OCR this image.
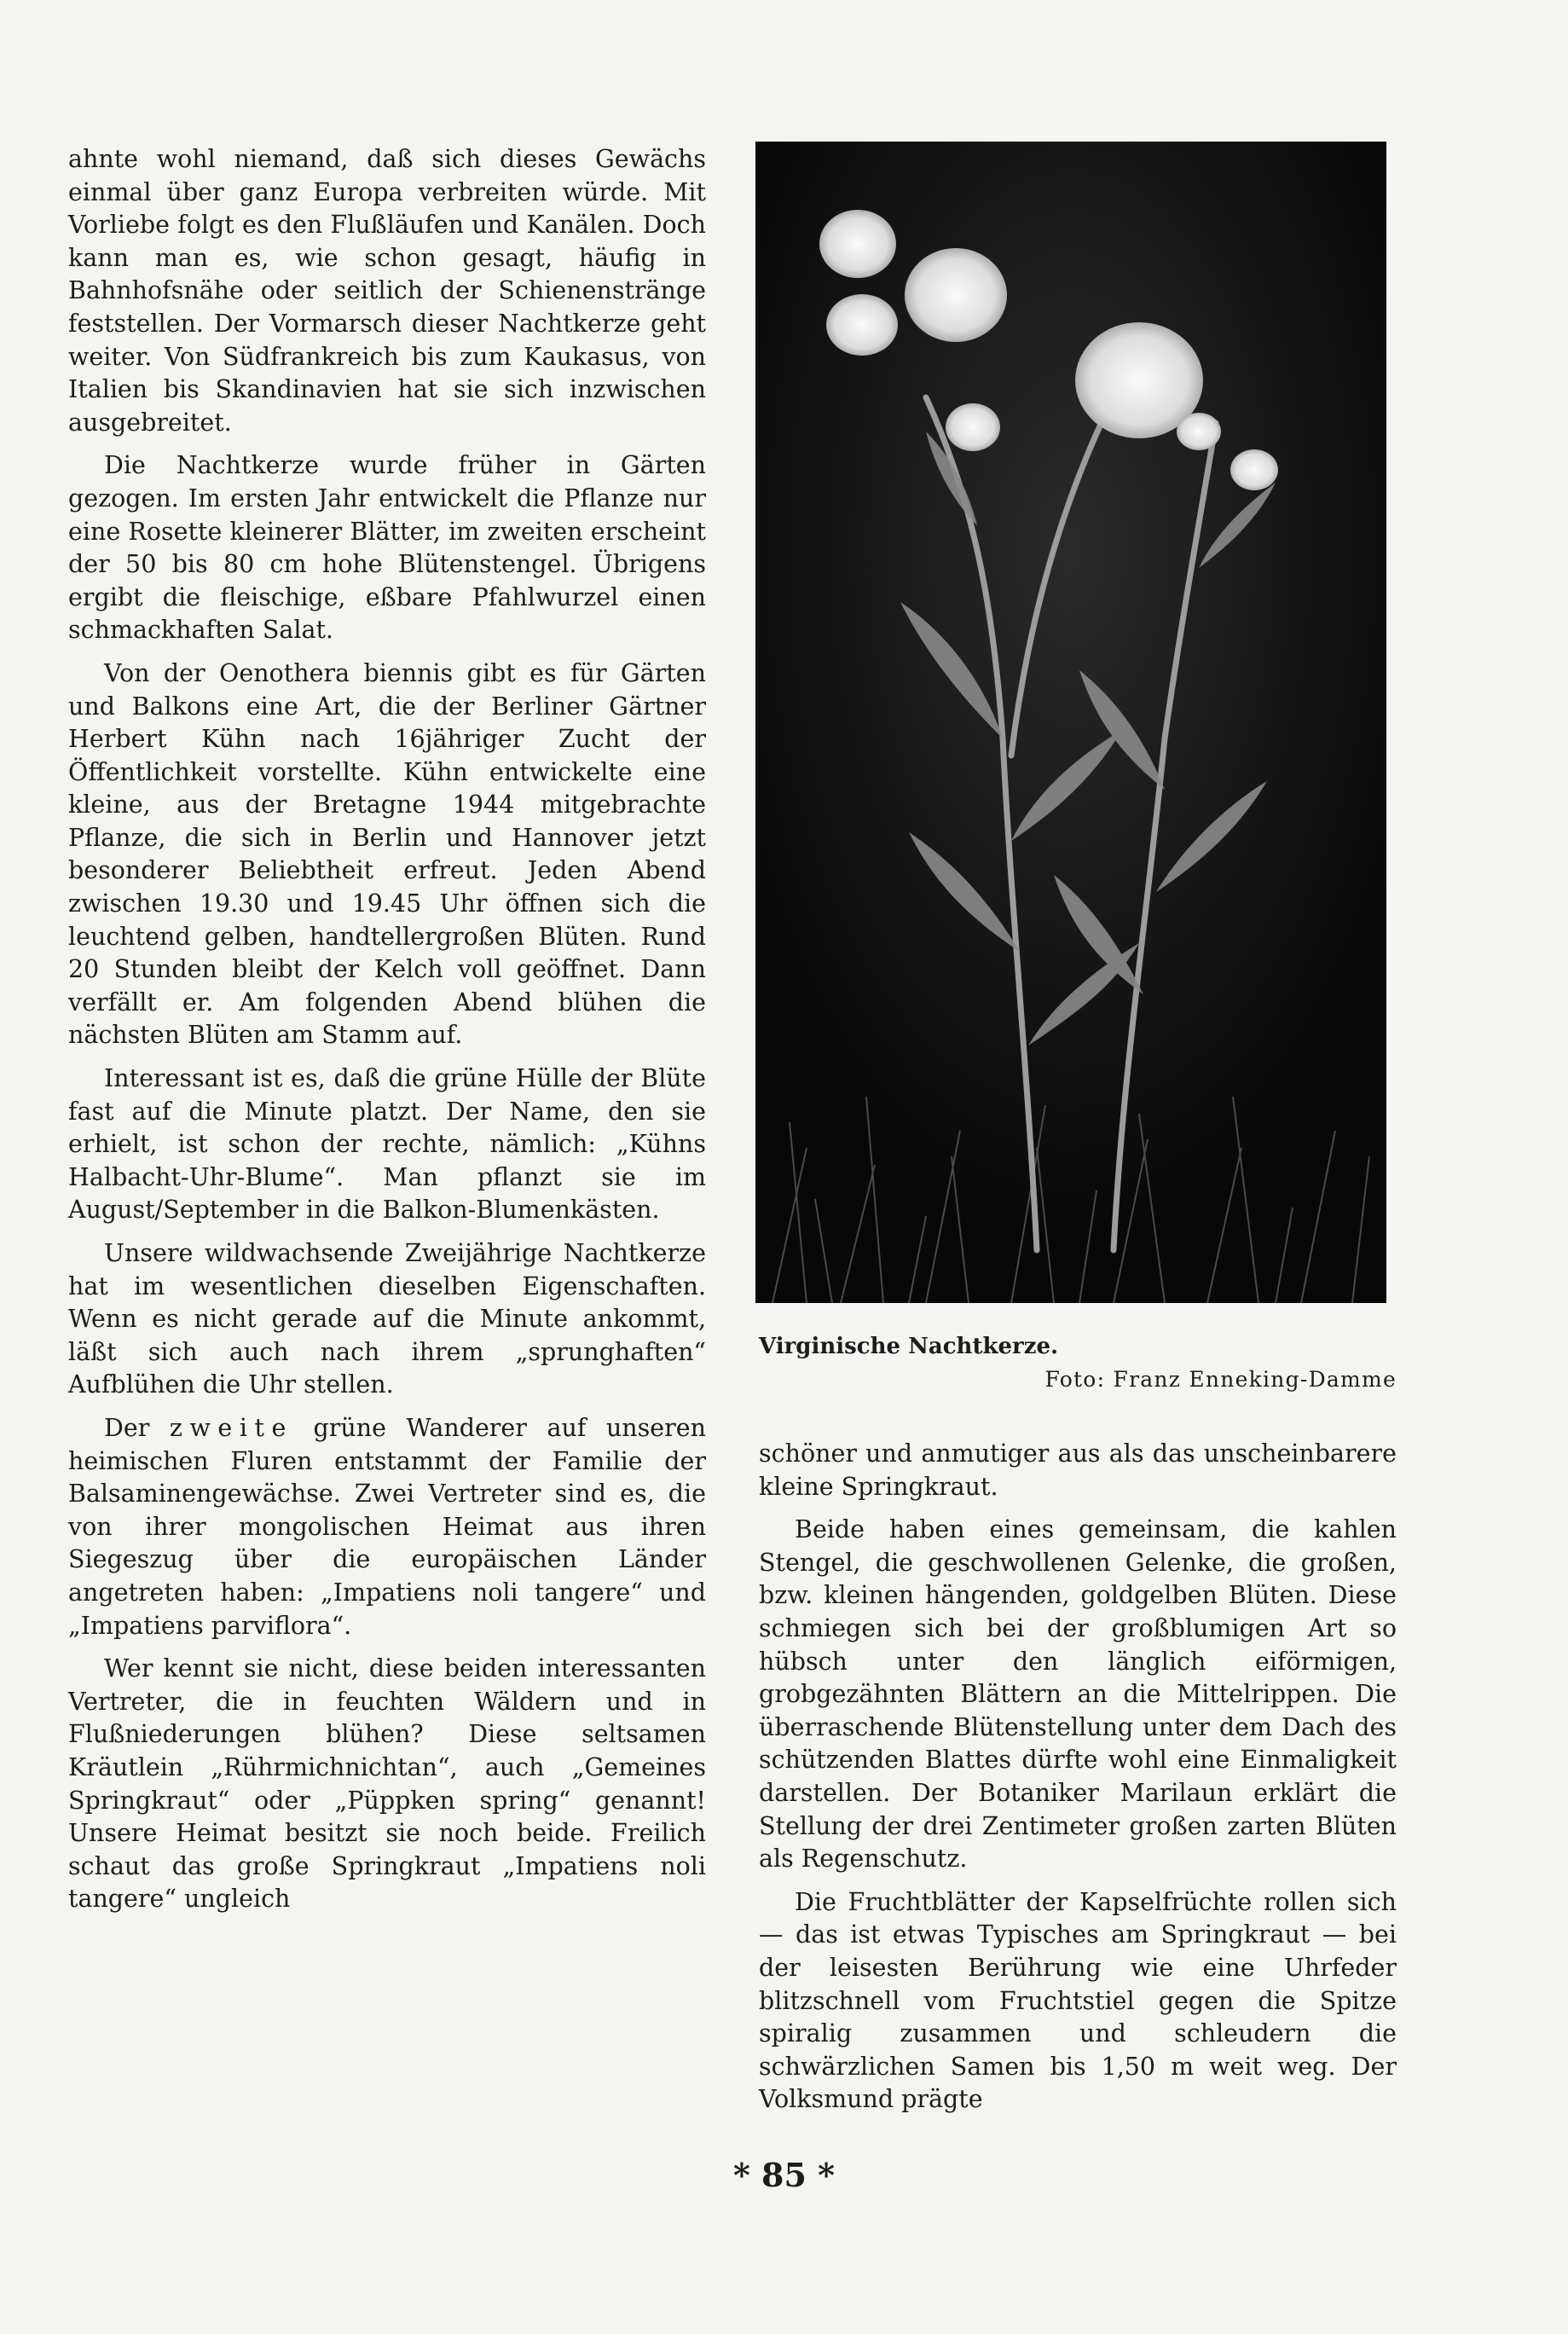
ahnte wohl niemand, daß sich dieses Gewächs einmal über ganz Europa verbreiten würde. Mit Vorliebe folgt es den Flußläufen und Kanälen. Doch kann man es, wie schon gesagt, häufig in Bahnhofsnähe oder seitlich der Schienenstränge feststellen. Der Vormarsch dieser Nachtkerze geht weiter. Von Südfrankreich bis zum Kaukasus, von Italien bis Skandinavien hat sie sich inzwischen ausgebreitet.

Die Nachtkerze wurde früher in Gärten gezogen. Im ersten Jahr entwickelt die Pflanze nur eine Rosette kleinerer Blätter, im zweiten erscheint der 50 bis 80 cm hohe Blütenstengel. Übrigens ergibt die fleischige, eßbare Pfahlwurzel einen schmackhaften Salat.

Von der Oenothera biennis gibt es für Gärten und Balkons eine Art, die der Berliner Gärtner Herbert Kühn nach 16jähriger Zucht der Öffentlichkeit vorstellte. Kühn entwickelte eine kleine, aus der Bretagne 1944 mitgebrachte Pflanze, die sich in Berlin und Hannover jetzt besonderer Beliebtheit erfreut. Jeden Abend zwischen 19.30 und 19.45 Uhr öffnen sich die leuchtend gelben, handtellergroßen Blüten. Rund 20 Stunden bleibt der Kelch voll geöffnet. Dann verfällt er. Am folgenden Abend blühen die nächsten Blüten am Stamm auf.

Interessant ist es, daß die grüne Hülle der Blüte fast auf die Minute platzt. Der Name, den sie erhielt, ist schon der rechte, nämlich: „Kühns Halbacht-Uhr-Blume“. Man pflanzt sie im August/September in die Balkon-Blumenkästen.

Unsere wildwachsende Zweijährige Nachtkerze hat im wesentlichen dieselben Eigenschaften. Wenn es nicht gerade auf die Minute ankommt, läßt sich auch nach ihrem „sprunghaften“ Aufblühen die Uhr stellen.

Der zweite grüne Wanderer auf unseren heimischen Fluren entstammt der Familie der Balsaminengewächse. Zwei Vertreter sind es, die von ihrer mongolischen Heimat aus ihren Siegeszug über die europäischen Länder angetreten haben: „Impatiens noli tangere“ und „Impatiens parviflora“.

Wer kennt sie nicht, diese beiden interessanten Vertreter, die in feuchten Wäldern und in Flußniederungen blühen? Diese seltsamen Kräutlein „Rührmichnichtan“, auch „Gemeines Springkraut“ oder „Püppken spring“ genannt! Unsere Heimat besitzt sie noch beide. Freilich schaut das große Springkraut „Impatiens noli tangere“ ungleich

Virginische Nachtkerze.
Foto: Franz Enneking-Damme

schöner und anmutiger aus als das unscheinbarere kleine Springkraut.

Beide haben eines gemeinsam, die kahlen Stengel, die geschwollenen Gelenke, die großen, bzw. kleinen hängenden, goldgelben Blüten. Diese schmiegen sich bei der großblumigen Art so hübsch unter den länglich eiförmigen, grobgezähnten Blättern an die Mittelrippen. Die überraschende Blütenstellung unter dem Dach des schützenden Blattes dürfte wohl eine Einmaligkeit darstellen. Der Botaniker Marilaun erklärt die Stellung der drei Zentimeter großen zarten Blüten als Regenschutz.

Die Fruchtblätter der Kapselfrüchte rollen sich — das ist etwas Typisches am Springkraut — bei der leisesten Berührung wie eine Uhrfeder blitzschnell vom Fruchtstiel gegen die Spitze spiralig zusammen und schleudern die schwärzlichen Samen bis 1,50 m weit weg. Der Volksmund prägte

* 85 *
